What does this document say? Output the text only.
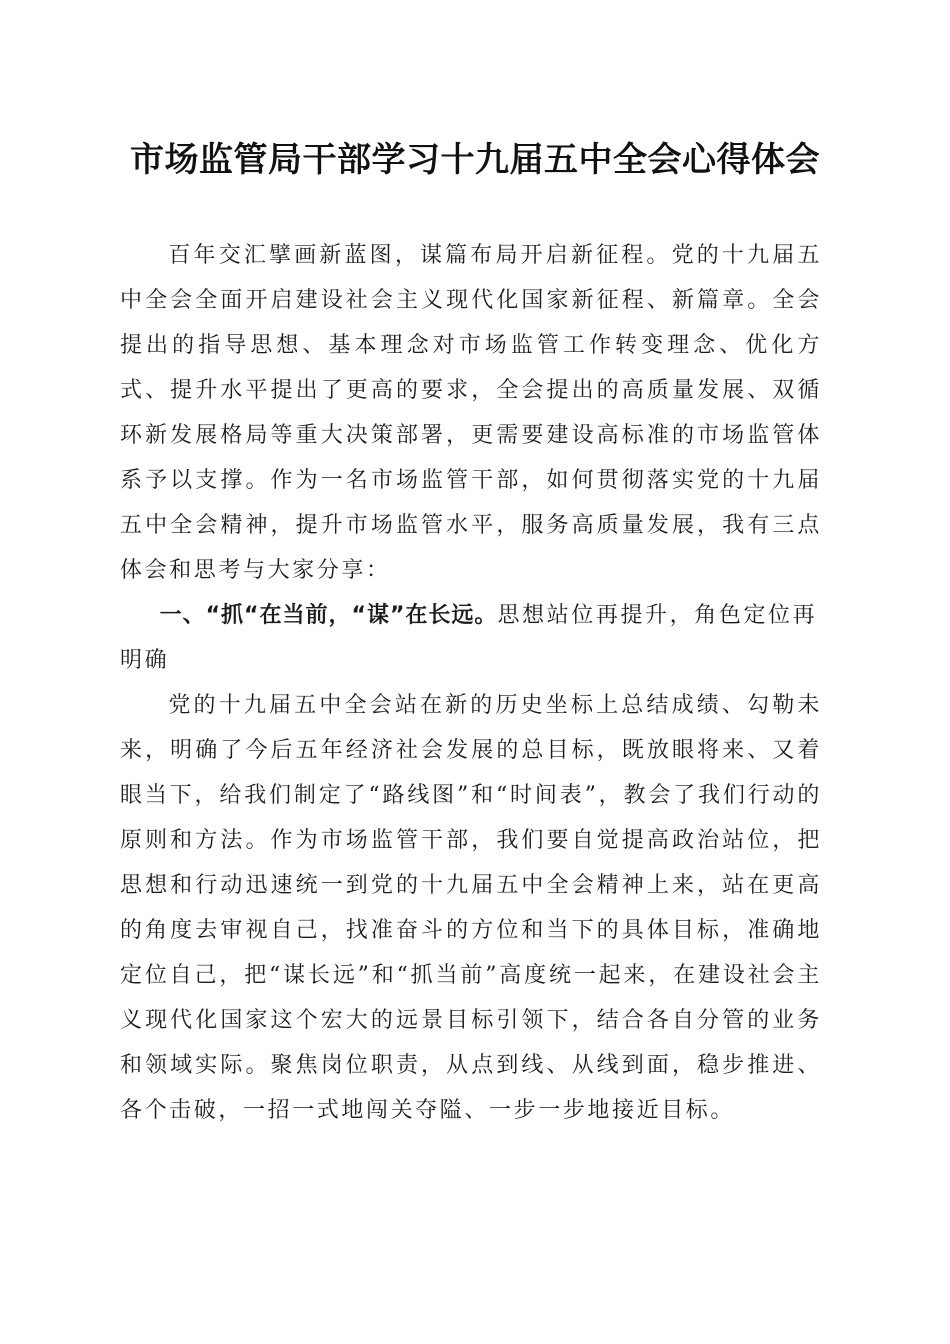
市场监管局干部学习十九届五中全会心得体会

百年交汇擘画新蓝图，谋篇布局开启新征程。党的十九届五中全会全面开启建设社会主义现代化国家新征程、新篇章。全会提出的指导思想、基本理念对市场监管工作转变理念、优化方式、提升水平提出了更高的要求，全会提出的高质量发展、双循环新发展格局等重大决策部署，更需要建设高标准的市场监管体系予以支撑。作为一名市场监管干部，如何贯彻落实党的十九届五中全会精神，提升市场监管水平，服务高质量发展，我有三点体会和思考与大家分享：

一、“抓“在当前，“谋”在长远。思想站位再提升，角色定位再明确

党的十九届五中全会站在新的历史坐标上总结成绩、勾勒未来，明确了今后五年经济社会发展的总目标，既放眼将来、又着眼当下，给我们制定了“路线图”和“时间表”，教会了我们行动的原则和方法。作为市场监管干部，我们要自觉提高政治站位，把思想和行动迅速统一到党的十九届五中全会精神上来，站在更高的角度去审视自己，找准奋斗的方位和当下的具体目标，准确地定位自己，把“谋长远”和“抓当前”高度统一起来，在建设社会主义现代化国家这个宏大的远景目标引领下，结合各自分管的业务和领域实际。聚焦岗位职责，从点到线、从线到面，稳步推进、各个击破，一招一式地闯关夺隘、一步一步地接近目标。
